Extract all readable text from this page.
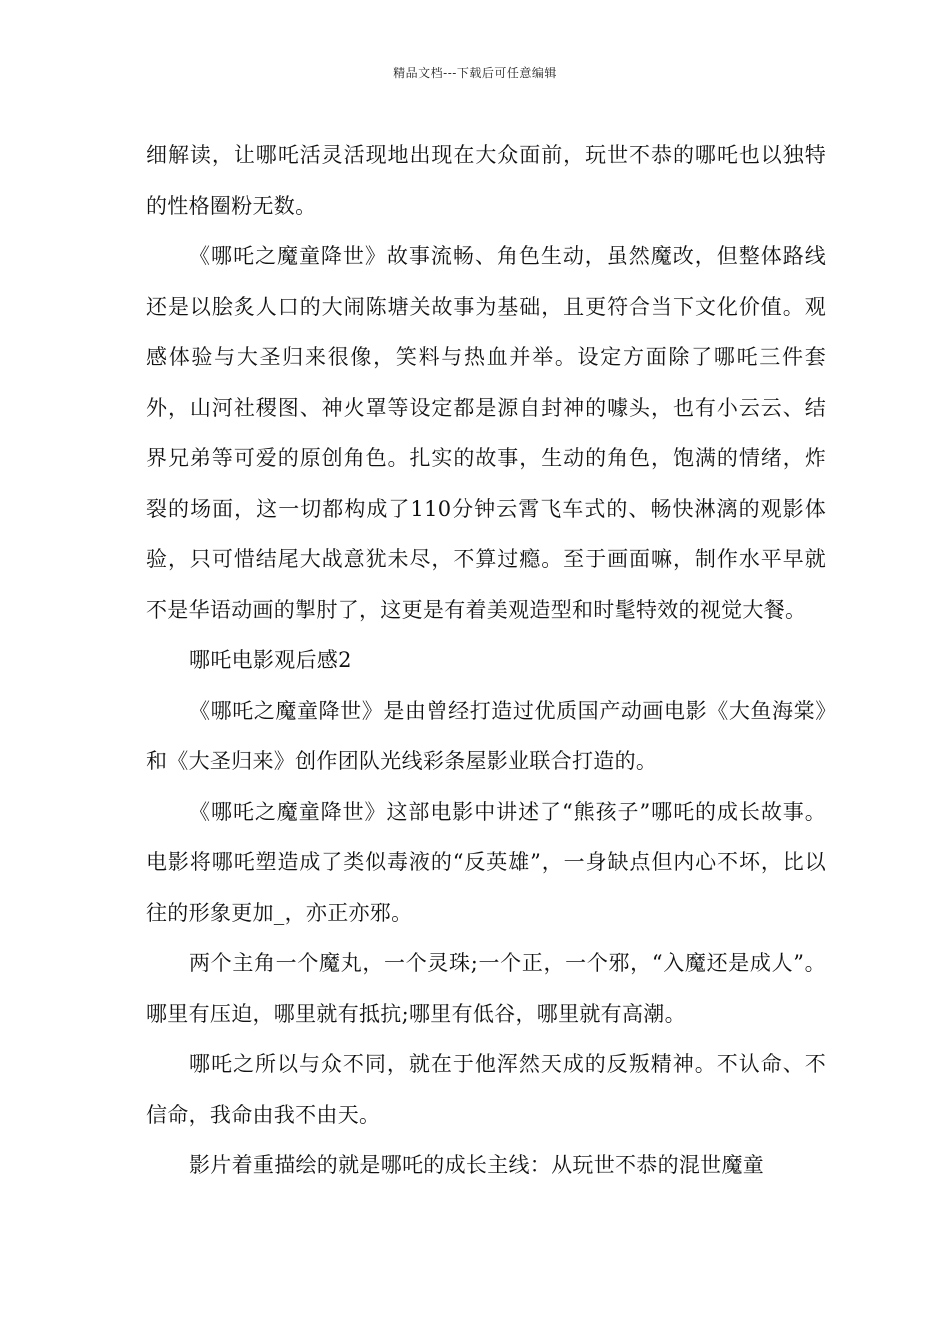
精品文档---下载后可任意编辑

细解读，让哪吒活灵活现地出现在大众面前，玩世不恭的哪吒也以独特的性格圈粉无数。

《哪吒之魔童降世》故事流畅、角色生动，虽然魔改，但整体路线还是以脍炙人口的大闹陈塘关故事为基础，且更符合当下文化价值。观感体验与大圣归来很像，笑料与热血并举。设定方面除了哪吒三件套外，山河社稷图、神火罩等设定都是源自封神的噱头，也有小云云、结界兄弟等可爱的原创角色。扎实的故事，生动的角色，饱满的情绪，炸裂的场面，这一切都构成了110分钟云霄飞车式的、畅快淋漓的观影体验，只可惜结尾大战意犹未尽，不算过瘾。至于画面嘛，制作水平早就不是华语动画的掣肘了，这更是有着美观造型和时髦特效的视觉大餐。

哪吒电影观后感2

《哪吒之魔童降世》是由曾经打造过优质国产动画电影《大鱼海棠》和《大圣归来》创作团队光线彩条屋影业联合打造的。

《哪吒之魔童降世》这部电影中讲述了“熊孩子”哪吒的成长故事。电影将哪吒塑造成了类似毒液的“反英雄”，一身缺点但内心不坏，比以往的形象更加_，亦正亦邪。

两个主角一个魔丸，一个灵珠;一个正，一个邪，“入魔还是成人”。哪里有压迫，哪里就有抵抗;哪里有低谷，哪里就有高潮。

哪吒之所以与众不同，就在于他浑然天成的反叛精神。不认命、不信命，我命由我不由天。

影片着重描绘的就是哪吒的成长主线：从玩世不恭的混世魔童
